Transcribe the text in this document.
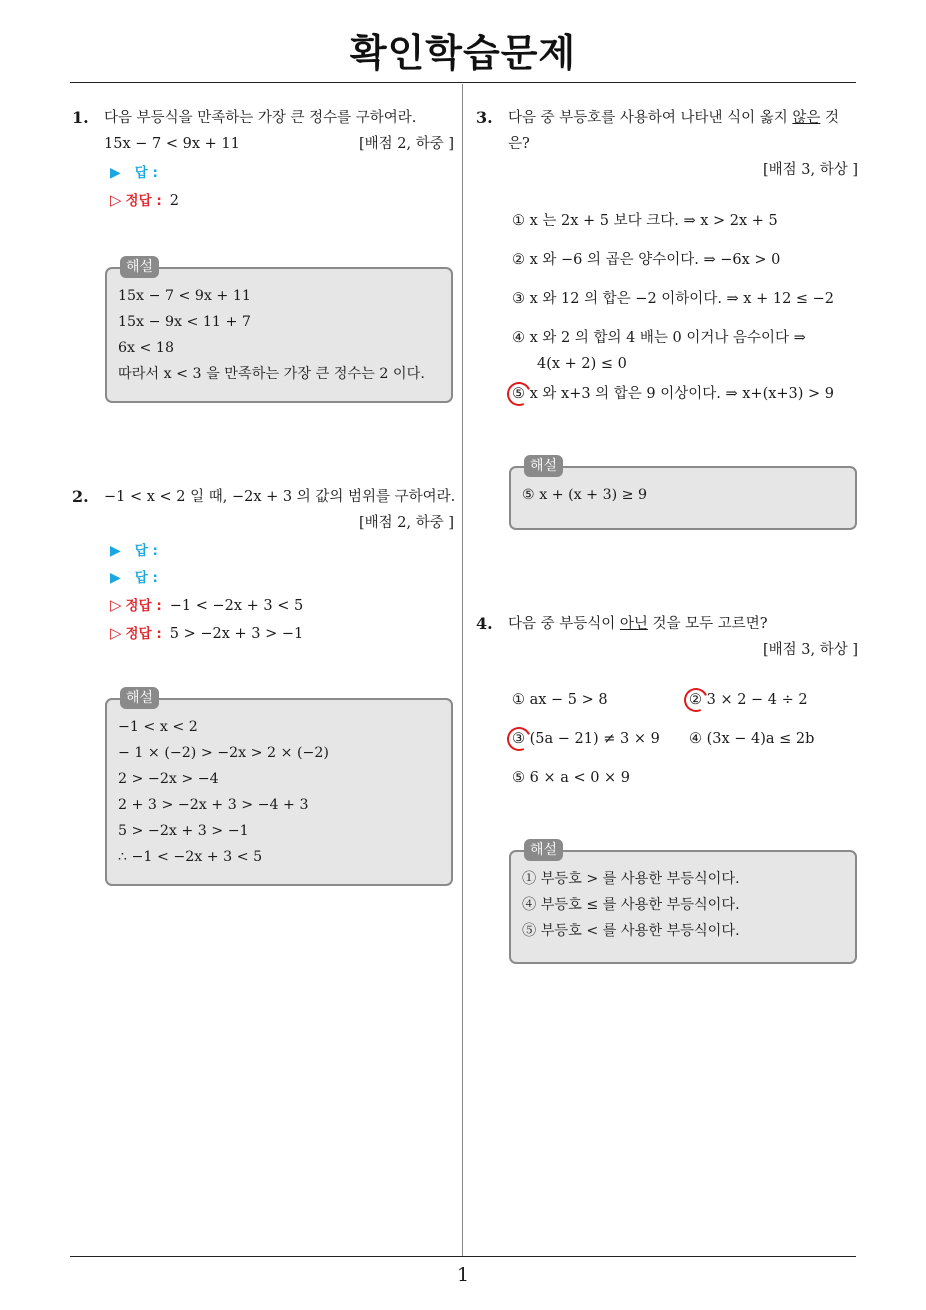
확인학습문제
1. 다음 부등식을 만족하는 가장 큰 정수를 구하여라.
15x − 7 < 9x + 11	[배점 2, 하중 ]
▶ 답 :
▷ 정답 : 2
해설
15x − 7 < 9x + 11
15x − 9x < 11 + 7
6x < 18
따라서 x < 3 을 만족하는 가장 큰 정수는 2 이다.
2. −1 < x < 2 일 때, −2x + 3 의 값의 범위를 구하여라.
[배점 2, 하중 ]
▶ 답 :
▶ 답 :
▷ 정답 : −1 < −2x + 3 < 5
▷ 정답 : 5 > −2x + 3 > −1
해설
−1 < x < 2
− 1 × (−2) > −2x > 2 × (−2)
2 > −2x > −4
2 + 3 > −2x + 3 > −4 + 3
5 > −2x + 3 > −1
∴ −1 < −2x + 3 < 5
3. 다음 중 부등호를 사용하여 나타낸 식이 옳지 않은 것은?
[배점 3, 하상 ]
① x 는 2x + 5 보다 크다. ⇒ x > 2x + 5
② x 와 −6 의 곱은 양수이다. ⇒ −6x > 0
③ x 와 12 의 합은 −2 이하이다. ⇒ x + 12 ≤ −2
④ x 와 2 의 합의 4 배는 0 이거나 음수이다 ⇒
4(x + 2) ≤ 0
⑤ x 와 x+3 의 합은 9 이상이다. ⇒ x+(x+3) > 9
해설
⑤ x + (x + 3) ≥ 9
4. 다음 중 부등식이 아닌 것을 모두 고르면?
[배점 3, 하상 ]
① ax − 5 > 8	② 3 × 2 − 4 ÷ 2
③ (5a − 21) ≠ 3 × 9 ④ (3x − 4)a ≤ 2b
⑤ 6 × a < 0 × 9
해설
① 부등호 > 를 사용한 부등식이다.
④ 부등호 ≤ 를 사용한 부등식이다.
⑤ 부등호 < 를 사용한 부등식이다.
1
